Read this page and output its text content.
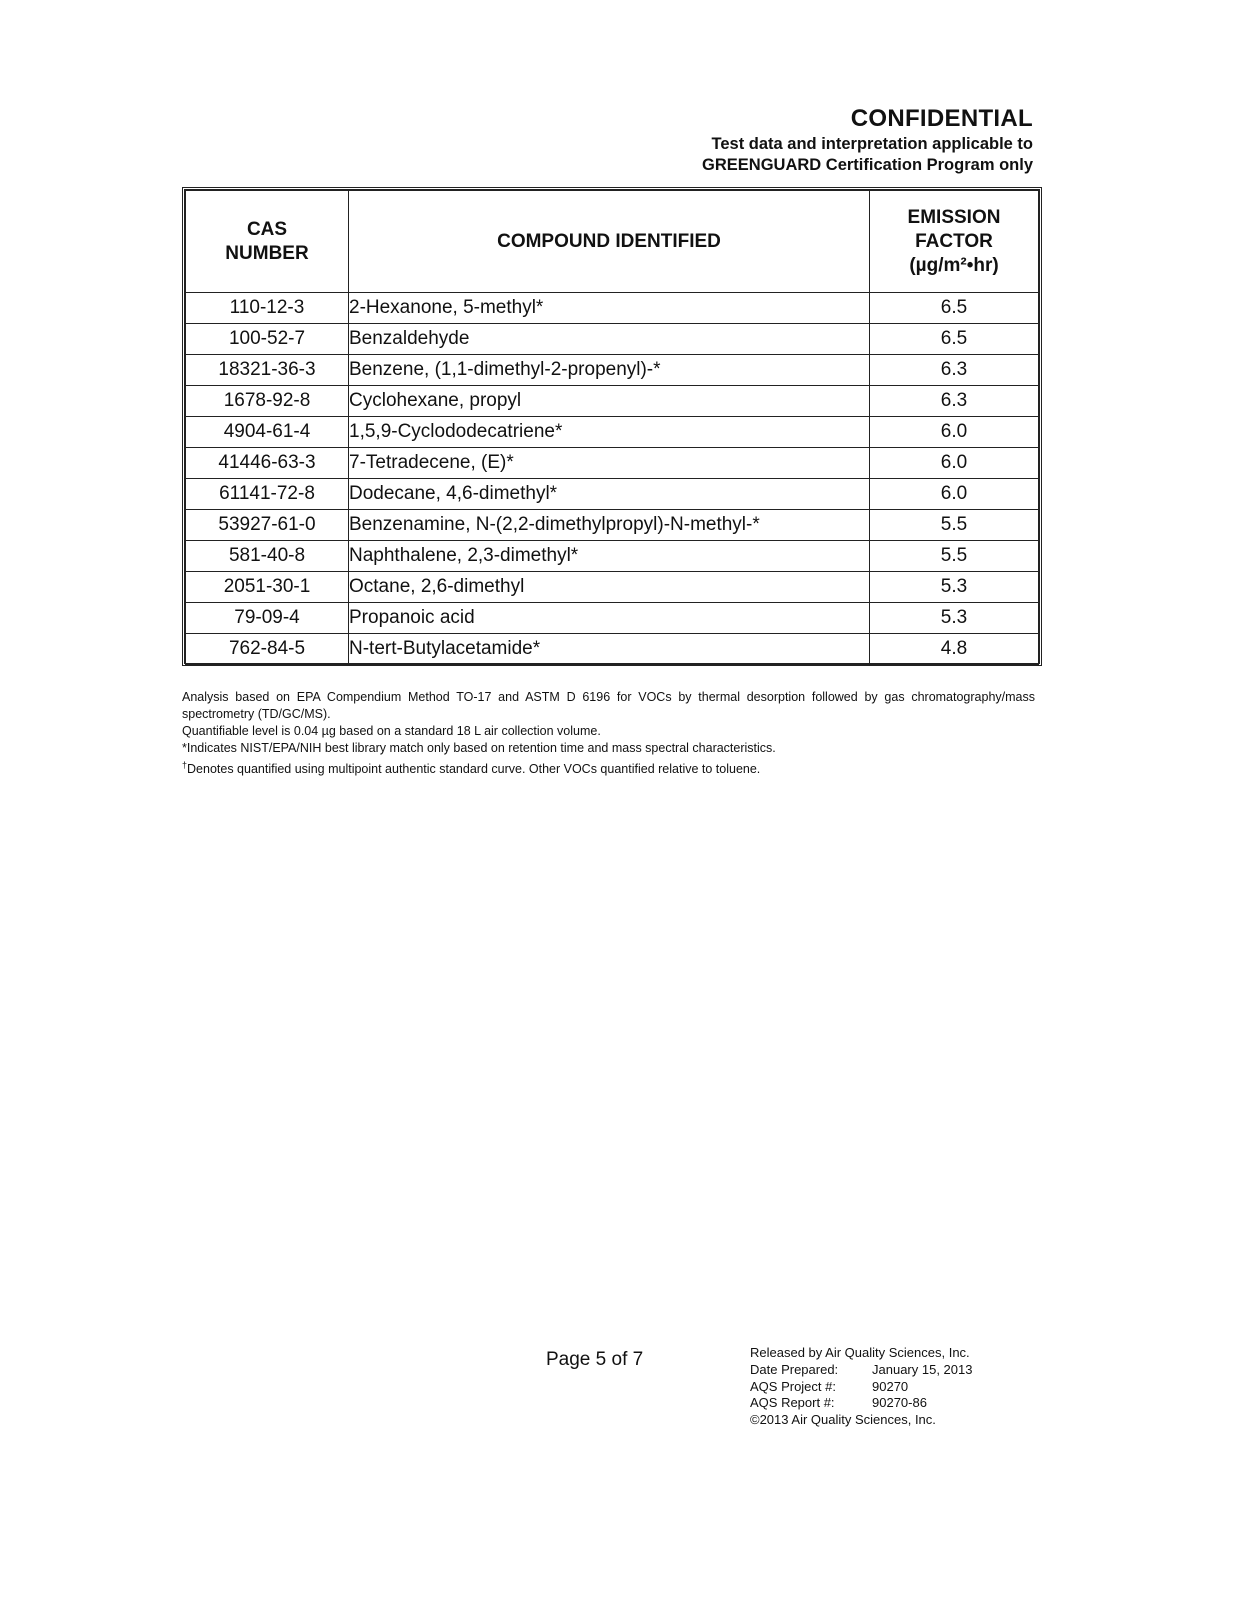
CONFIDENTIAL
Test data and interpretation applicable to
GREENGUARD Certification Program only
CAS
NUMBER	COMPOUND IDENTIFIED	EMISSION
FACTOR
(µg/m²•hr)
110-12-3	2-Hexanone, 5-methyl*	6.5
100-52-7	Benzaldehyde	6.5
18321-36-3	Benzene, (1,1-dimethyl-2-propenyl)-*	6.3
1678-92-8	Cyclohexane, propyl	6.3
4904-61-4	1,5,9-Cyclododecatriene*	6.0
41446-63-3	7-Tetradecene, (E)*	6.0
61141-72-8	Dodecane, 4,6-dimethyl*	6.0
53927-61-0	Benzenamine, N-(2,2-dimethylpropyl)-N-methyl-*	5.5
581-40-8	Naphthalene, 2,3-dimethyl*	5.5
2051-30-1	Octane, 2,6-dimethyl	5.3
79-09-4	Propanoic acid	5.3
762-84-5	N-tert-Butylacetamide*	4.8
Analysis based on EPA Compendium Method TO-17 and ASTM D 6196 for VOCs by thermal desorption followed by gas chromatography/mass spectrometry (TD/GC/MS).
Quantifiable level is 0.04 µg based on a standard 18 L air collection volume.
*Indicates NIST/EPA/NIH best library match only based on retention time and mass spectral characteristics.
†Denotes quantified using multipoint authentic standard curve. Other VOCs quantified relative to toluene.
Page 5 of 7	Released by Air Quality Sciences, Inc.
Date Prepared:	January 15, 2013
AQS Project #:	90270
AQS Report #:	90270-86
©2013 Air Quality Sciences, Inc.
